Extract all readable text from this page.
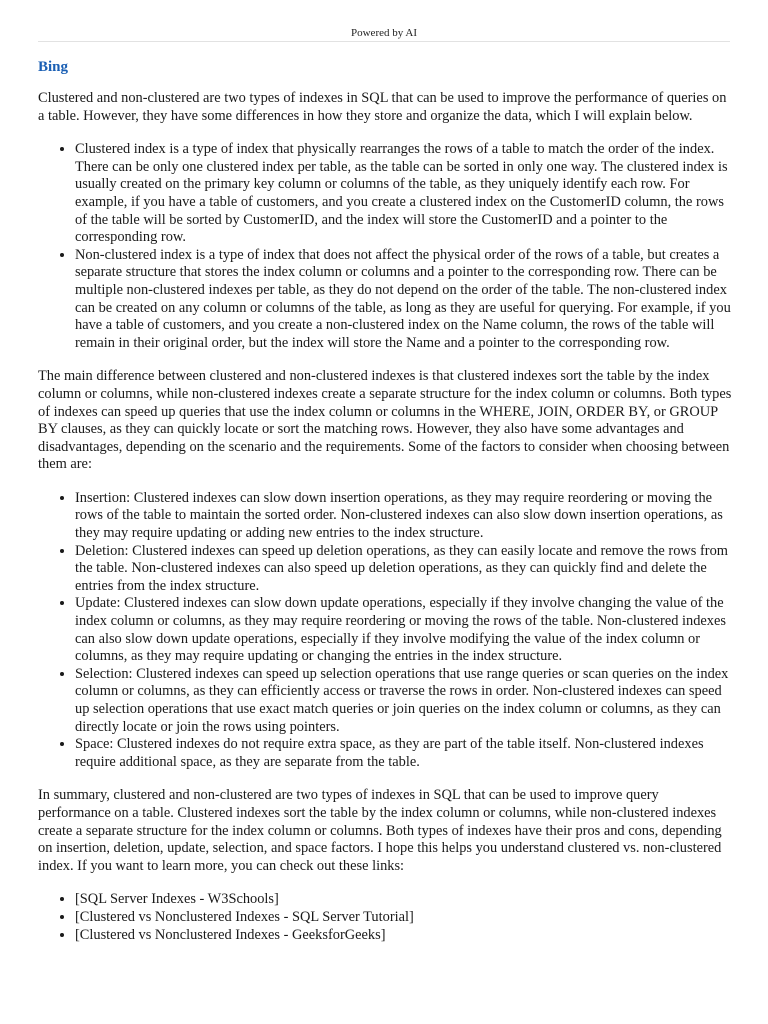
Powered by AI
Bing

Clustered and non-clustered are two types of indexes in SQL that can be used to improve the performance of queries on a table. However, they have some differences in how they store and organize the data, which I will explain below.

• Clustered index is a type of index that physically rearranges the rows of a table to match the order of the index. There can be only one clustered index per table, as the table can be sorted in only one way. The clustered index is usually created on the primary key column or columns of the table, as they uniquely identify each row. For example, if you have a table of customers, and you create a clustered index on the CustomerID column, the rows of the table will be sorted by CustomerID, and the index will store the CustomerID and a pointer to the corresponding row.
• Non-clustered index is a type of index that does not affect the physical order of the rows of a table, but creates a separate structure that stores the index column or columns and a pointer to the corresponding row. There can be multiple non-clustered indexes per table, as they do not depend on the order of the table. The non-clustered index can be created on any column or columns of the table, as long as they are useful for querying. For example, if you have a table of customers, and you create a non-clustered index on the Name column, the rows of the table will remain in their original order, but the index will store the Name and a pointer to the corresponding row.

The main difference between clustered and non-clustered indexes is that clustered indexes sort the table by the index column or columns, while non-clustered indexes create a separate structure for the index column or columns. Both types of indexes can speed up queries that use the index column or columns in the WHERE, JOIN, ORDER BY, or GROUP BY clauses, as they can quickly locate or sort the matching rows. However, they also have some advantages and disadvantages, depending on the scenario and the requirements. Some of the factors to consider when choosing between them are:

• Insertion: Clustered indexes can slow down insertion operations, as they may require reordering or moving the rows of the table to maintain the sorted order. Non-clustered indexes can also slow down insertion operations, as they may require updating or adding new entries to the index structure.
• Deletion: Clustered indexes can speed up deletion operations, as they can easily locate and remove the rows from the table. Non-clustered indexes can also speed up deletion operations, as they can quickly find and delete the entries from the index structure.
• Update: Clustered indexes can slow down update operations, especially if they involve changing the value of the index column or columns, as they may require reordering or moving the rows of the table. Non-clustered indexes can also slow down update operations, especially if they involve modifying the value of the index column or columns, as they may require updating or changing the entries in the index structure.
• Selection: Clustered indexes can speed up selection operations that use range queries or scan queries on the index column or columns, as they can efficiently access or traverse the rows in order. Non-clustered indexes can speed up selection operations that use exact match queries or join queries on the index column or columns, as they can directly locate or join the rows using pointers.
• Space: Clustered indexes do not require extra space, as they are part of the table itself. Non-clustered indexes require additional space, as they are separate from the table.

In summary, clustered and non-clustered are two types of indexes in SQL that can be used to improve query performance on a table. Clustered indexes sort the table by the index column or columns, while non-clustered indexes create a separate structure for the index column or columns. Both types of indexes have their pros and cons, depending on insertion, deletion, update, selection, and space factors. I hope this helps you understand clustered vs. non-clustered index. If you want to learn more, you can check out these links:

• [SQL Server Indexes - W3Schools]
• [Clustered vs Nonclustered Indexes - SQL Server Tutorial]
• [Clustered vs Nonclustered Indexes - GeeksforGeeks]
